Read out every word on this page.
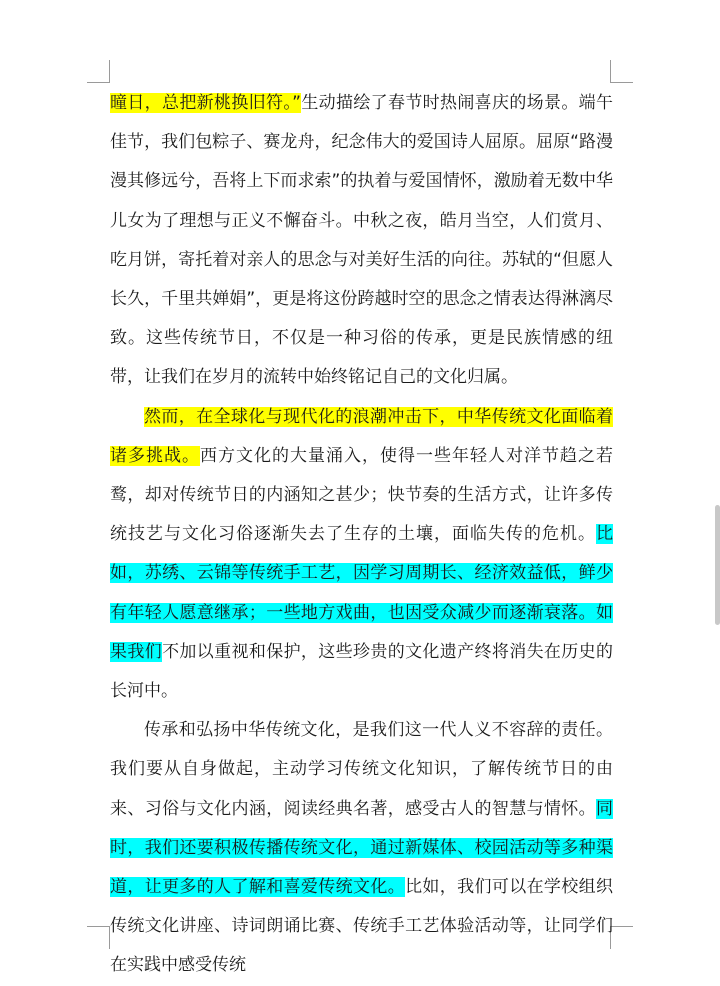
曈日，总把新桃换旧符。”生动描绘了春节时热闹喜庆的场景。端午佳节，我们包粽子、赛龙舟，纪念伟大的爱国诗人屈原。屈原“路漫漫其修远兮，吾将上下而求索”的执着与爱国情怀，激励着无数中华儿女为了理想与正义不懈奋斗。中秋之夜，皓月当空，人们赏月、吃月饼，寄托着对亲人的思念与对美好生活的向往。苏轼的“但愿人长久，千里共婵娟”，更是将这份跨越时空的思念之情表达得淋漓尽致。这些传统节日，不仅是一种习俗的传承，更是民族情感的纽带，让我们在岁月的流转中始终铭记自己的文化归属。

然而，在全球化与现代化的浪潮冲击下，中华传统文化面临着诸多挑战。西方文化的大量涌入，使得一些年轻人对洋节趋之若鹜，却对传统节日的内涵知之甚少；快节奏的生活方式，让许多传统技艺与文化习俗逐渐失去了生存的土壤，面临失传的危机。比如，苏绣、云锦等传统手工艺，因学习周期长、经济效益低，鲜少有年轻人愿意继承；一些地方戏曲，也因受众减少而逐渐衰落。如果我们不加以重视和保护，这些珍贵的文化遗产终将消失在历史的长河中。

传承和弘扬中华传统文化，是我们这一代人义不容辞的责任。我们要从自身做起，主动学习传统文化知识，了解传统节日的由来、习俗与文化内涵，阅读经典名著，感受古人的智慧与情怀。同时，我们还要积极传播传统文化，通过新媒体、校园活动等多种渠道，让更多的人了解和喜爱传统文化。比如，我们可以在学校组织传统文化讲座、诗词朗诵比赛、传统手工艺体验活动等，让同学们在实践中感受传统
